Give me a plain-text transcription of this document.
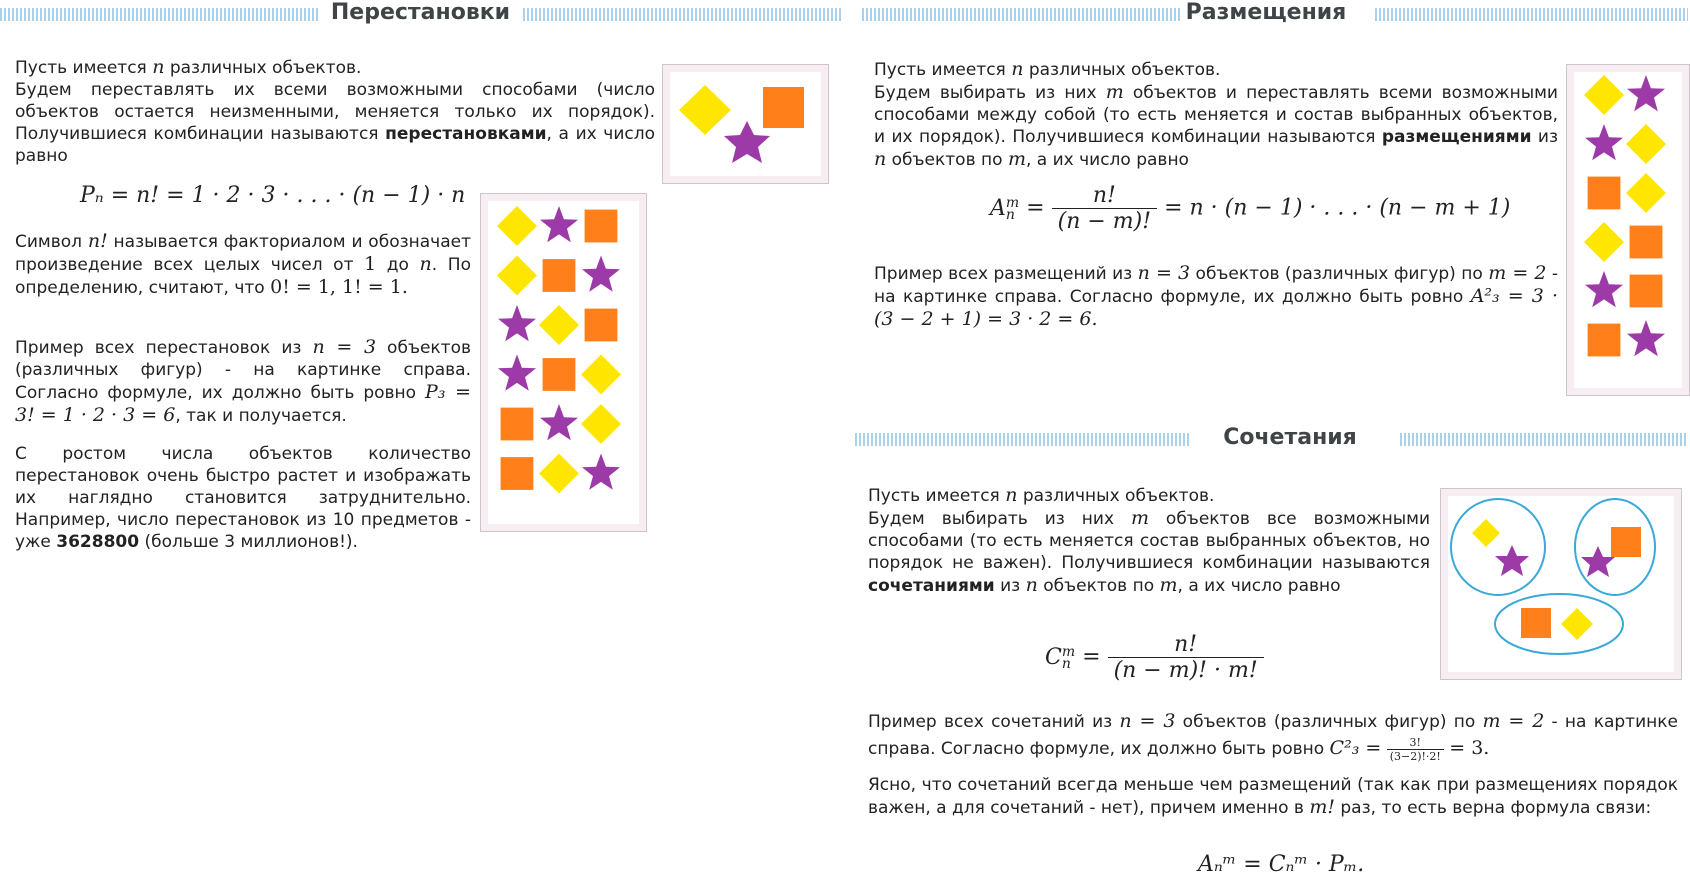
Перестановки

Пусть имеется n различных объектов.

Будем переставлять их всеми возможными способами (число объектов остается неизменными, меняется только их порядок). Получившиеся комбинации называются перестановками, а их число равно

Pₙ = n! = 1 · 2 · 3 · . . . · (n − 1) · n

Символ n! называется факториалом и обозначает произведение всех целых чисел от 1 до n. По определению, считают, что 0! = 1, 1! = 1.

Пример всех перестановок из n = 3 объектов (различных фигур) - на картинке справа. Согласно формуле, их должно быть ровно P₃ = 3! = 1 · 2 · 3 = 6, так и получается.

С ростом числа объектов количество перестановок очень быстро растет и изображать их наглядно становится затруднительно. Например, число перестановок из 10 предметов - уже 3628800 (больше 3 миллионов!).

Размещения

Пусть имеется n различных объектов.

Будем выбирать из них m объектов и переставлять всеми возможными способами между собой (то есть меняется и состав выбранных объектов, и их порядок). Получившиеся комбинации называются размещениями из n объектов по m, а их число равно

A m
$n = \frac{n!}{(n - m)!} = n \cdot (n - 1)$ · . . . · (n − m + 1)

Пример всех размещений из n = 3 объектов (различных фигур) по m = 2 - на картинке справа. Согласно формуле, их должно быть ровно A²₃ = 3 · (3 − 2 + 1) = 3 · 2 = 6.

Сочетания

Пусть имеется n различных объектов.

Будем выбирать из них m объектов все возможными способами (то есть меняется состав выбранных объектов, но порядок не важен). Получившиеся комбинации называются сочетаниями из n объектов по m, а их число равно

C m
$n = \frac{n!}{(n - m)! \cdot m!}$

Пример всех сочетаний из n = 3 объектов (различных фигур) по m = 2 - на картинке справа. Согласно формуле, их должно быть ровно $C^2_3 = \frac{3!}{(3-2)!\cdot 2!} = 3$.

Ясно, что сочетаний всегда меньше чем размещений (так как при размещениях порядок важен, а для сочетаний - нет), причем именно в m! раз, то есть верна формула связи:

Aₙᵐ = Cₙᵐ · Pₘ.
